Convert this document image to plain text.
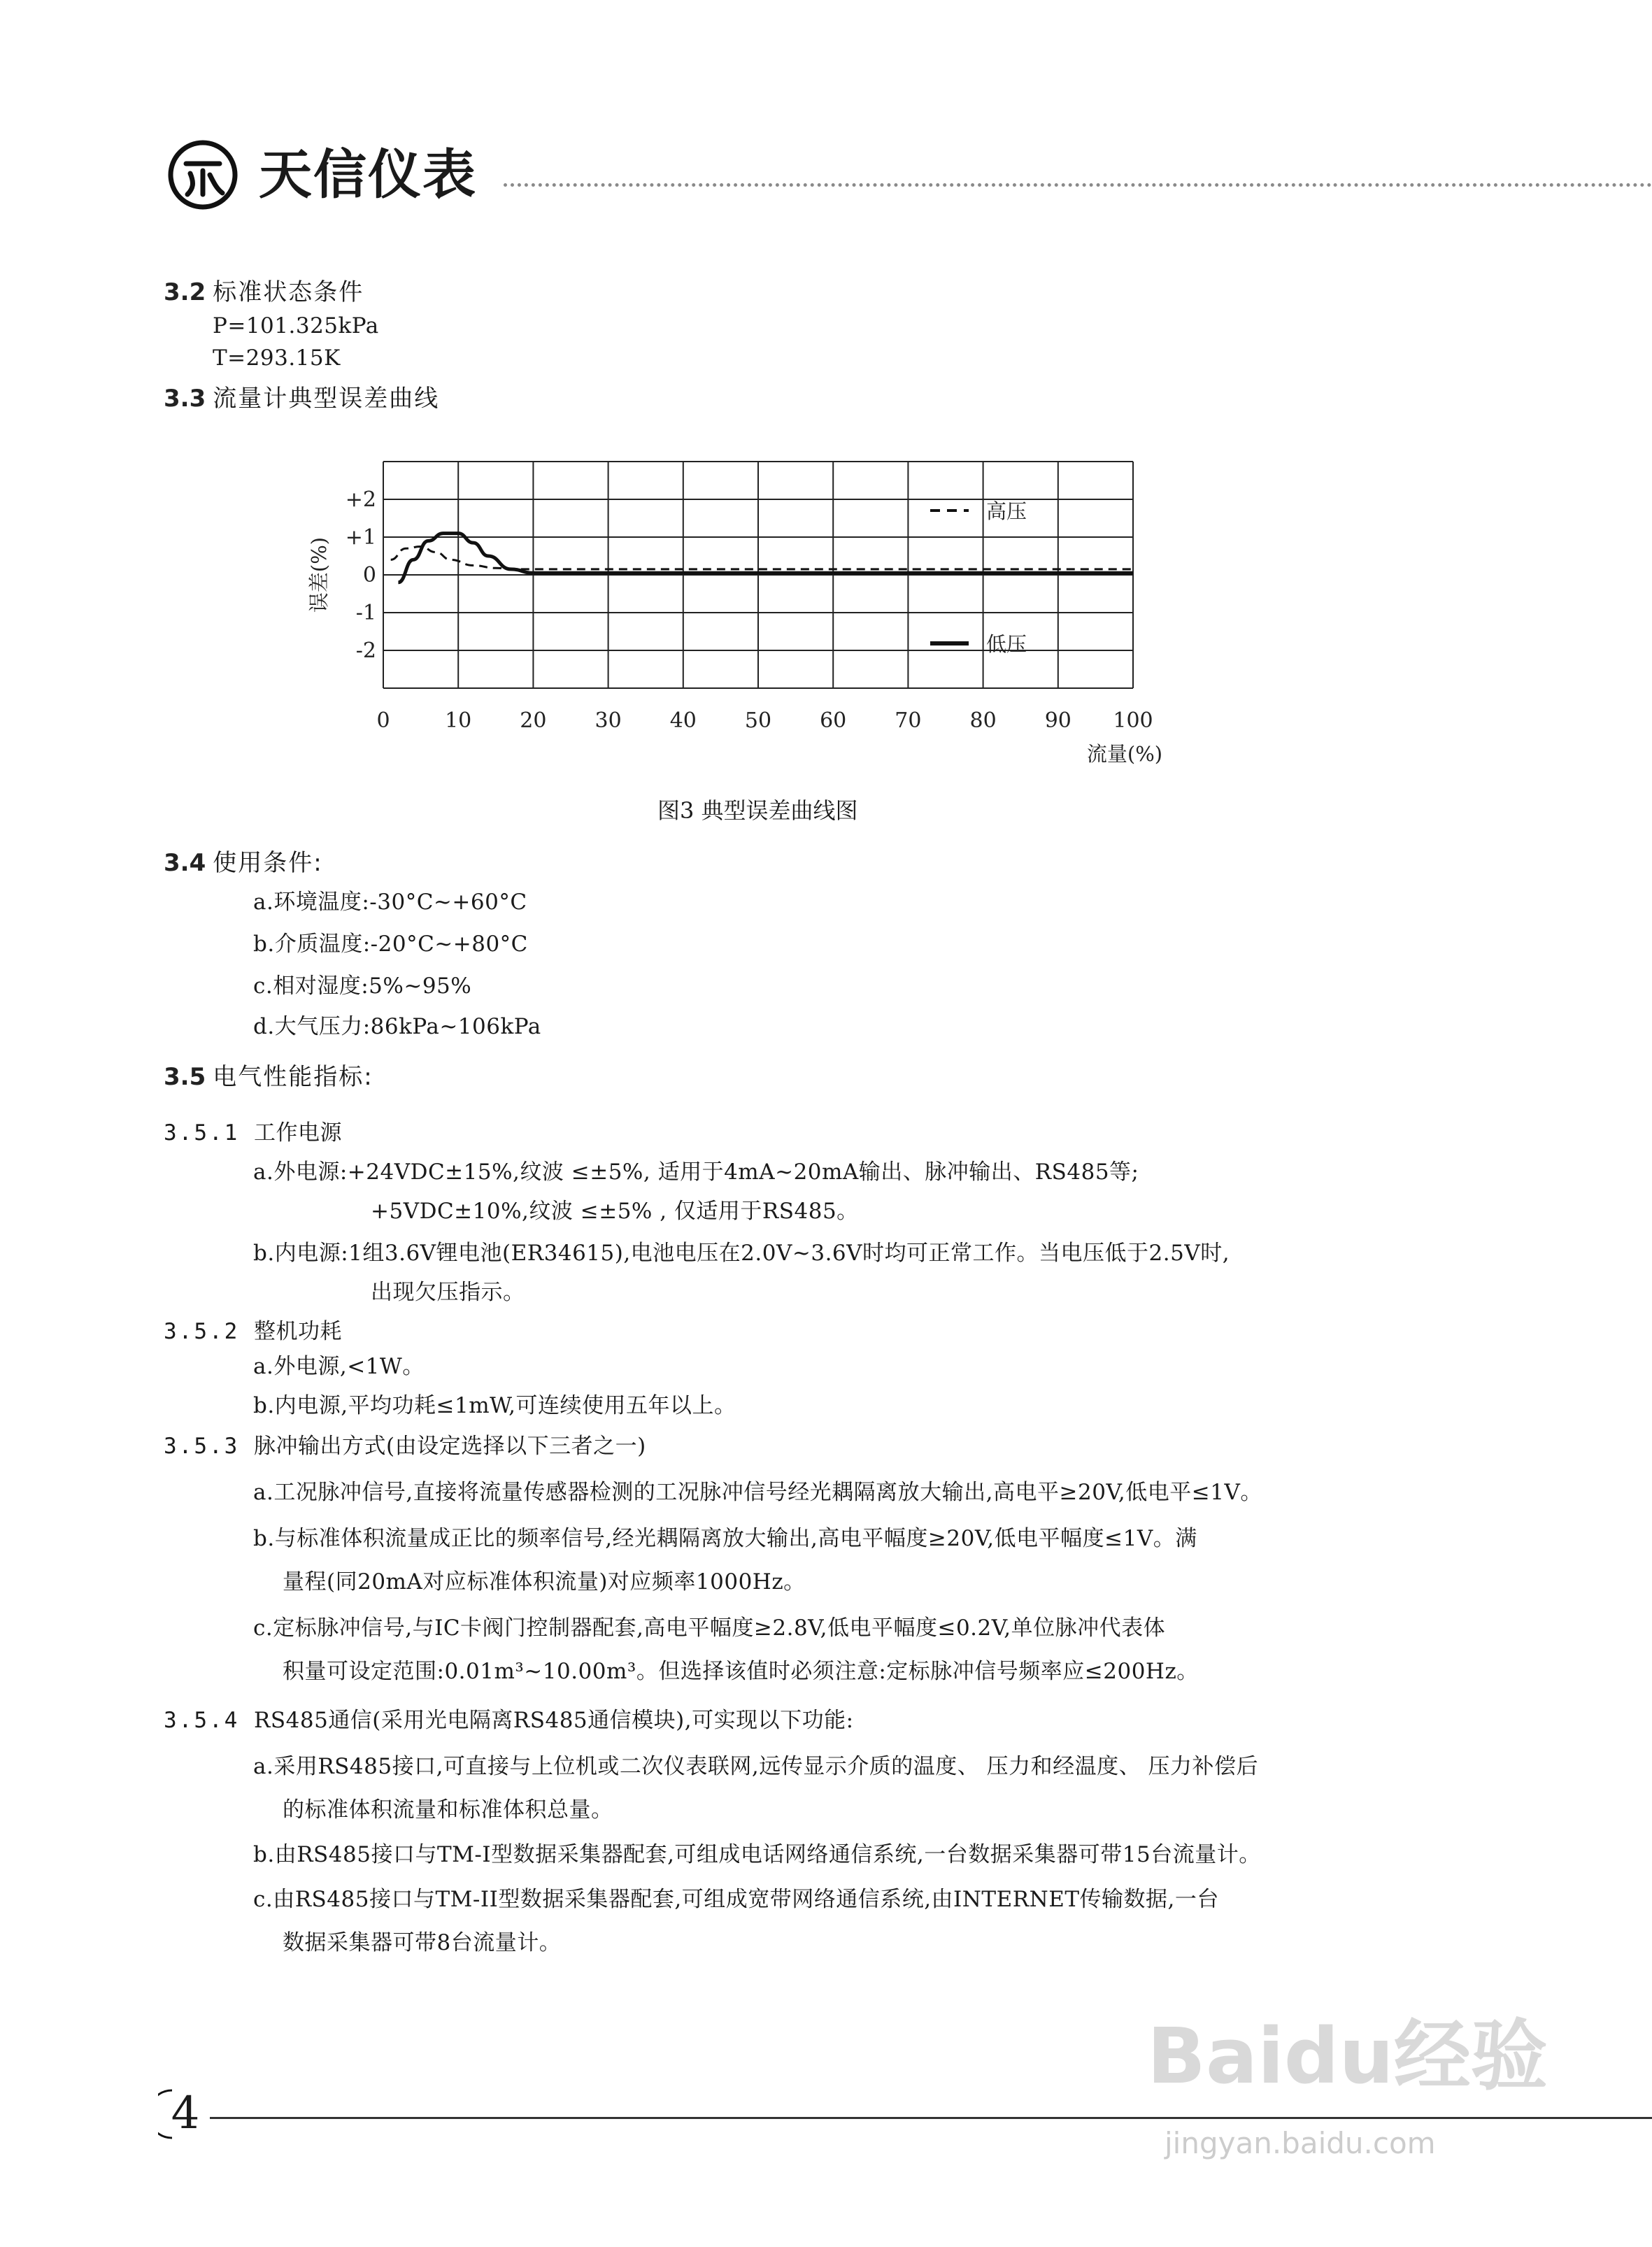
天信仪表
3.2 标准状态条件
P=101.325kPa
T=293.15K
3.3 流量计典型误差曲线
0	10 20 30 40 50 60 70 80 90 100
+2
+1
0
-1
-2
流量(%)
误差(%)
高压
低压
图3 典型误差曲线图
3.4 使用条件:
a.环境温度:-30°C~+60°C
b.介质温度:-20°C~+80°C
c.相对湿度:5%~95%
d.大气压力:86kPa~106kPa
3.5 电气性能指标:
3.5.1 工作电源
a.外电源:+24VDC±15%,纹波 ≤±5%, 适用于4mA~20mA输出、脉冲输出、RS485等;
+5VDC±10%,纹波 ≤±5% , 仅适用于RS485。
b.内电源:1组3.6V锂电池(ER34615),电池电压在2.0V~3.6V时均可正常工作。当电压低于2.5V时,
出现欠压指示。
3.5.2 整机功耗
a.外电源,<1W。
b.内电源,平均功耗≤1mW,可连续使用五年以上。
3.5.3 脉冲输出方式(由设定选择以下三者之一)
a.工况脉冲信号,直接将流量传感器检测的工况脉冲信号经光耦隔离放大输出,高电平≥20V,低电平≤1V。
b.与标准体积流量成正比的频率信号,经光耦隔离放大输出,高电平幅度≥20V,低电平幅度≤1V。满
量程(同20mA对应标准体积流量)对应频率1000Hz。
c.定标脉冲信号,与IC卡阀门控制器配套,高电平幅度≥2.8V,低电平幅度≤0.2V,单位脉冲代表体
积量可设定范围:0.01m³~10.00m³。但选择该值时必须注意:定标脉冲信号频率应≤200Hz。
3.5.4 RS485通信(采用光电隔离RS485通信模块),可实现以下功能:
a.采用RS485接口,可直接与上位机或二次仪表联网,远传显示介质的温度、 压力和经温度、 压力补偿后
的标准体积流量和标准体积总量。
b.由RS485接口与TM-I型数据采集器配套,可组成电话网络通信系统,一台数据采集器可带15台流量计。
c.由RS485接口与TM-II型数据采集器配套,可组成宽带网络通信系统,由INTERNET传输数据,一台
数据采集器可带8台流量计。
Baidu经验
jingyan.baidu.com
4
